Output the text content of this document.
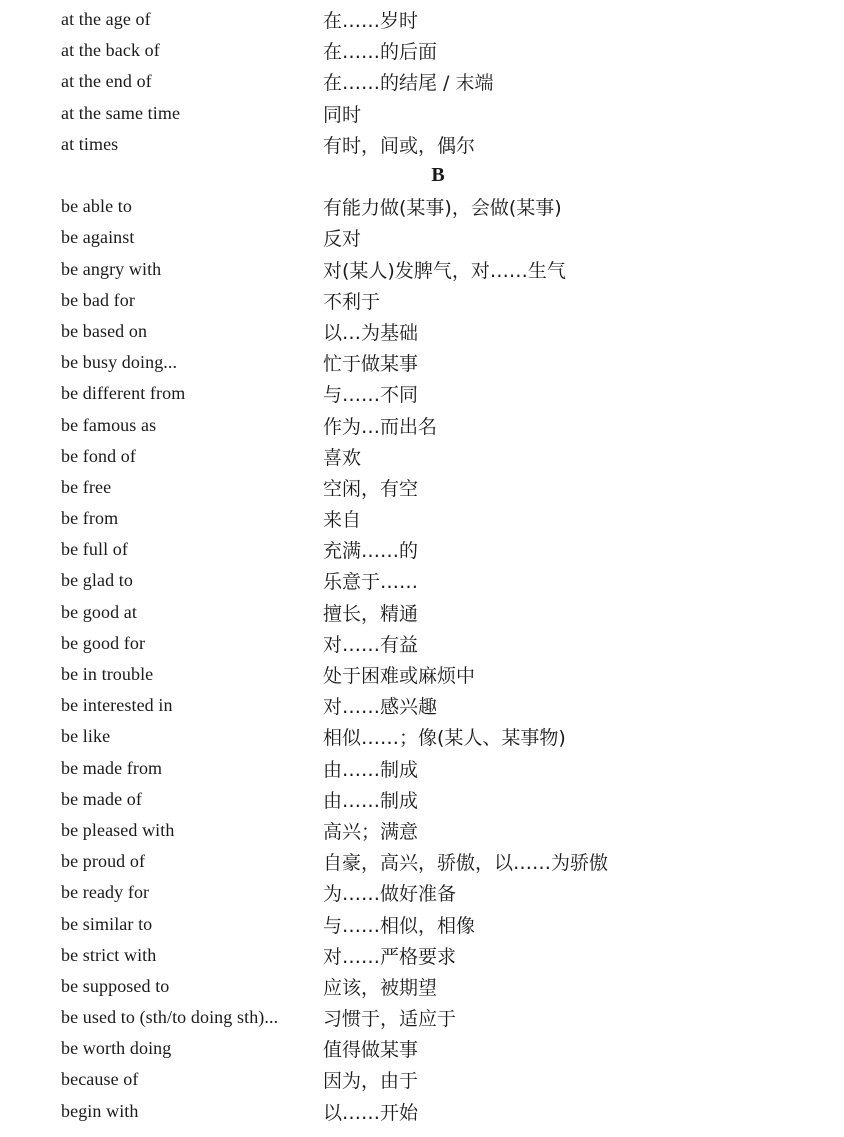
at the age of	在……岁时
at the back of	在……的后面
at the end of	在……的结尾 / 末端
at the same time	同时
at times	有时，间或，偶尔
B
be able to	有能力做(某事)，会做(某事)
be against	反对
be angry with	对(某人)发脾气，对……生气
be bad for	不利于
be based on	以…为基础
be busy doing...	忙于做某事
be different from	与……不同
be famous as	作为…而出名
be fond of	喜欢
be free	空闲，有空
be from	来自
be full of	充满……的
be glad to	乐意于……
be good at	擅长，精通
be good for	对……有益
be in trouble	处于困难或麻烦中
be interested in	对……感兴趣
be like	相似……；像(某人、某事物)
be made from	由……制成
be made of	由……制成
be pleased with	高兴；满意
be proud of	自豪，高兴，骄傲，以……为骄傲
be ready for	为……做好准备
be similar to	与……相似，相像
be strict with	对……严格要求
be supposed to	应该，被期望
be used to (sth/to doing sth)...	习惯于，适应于
be worth doing	值得做某事
because of	因为，由于
begin with	以……开始
